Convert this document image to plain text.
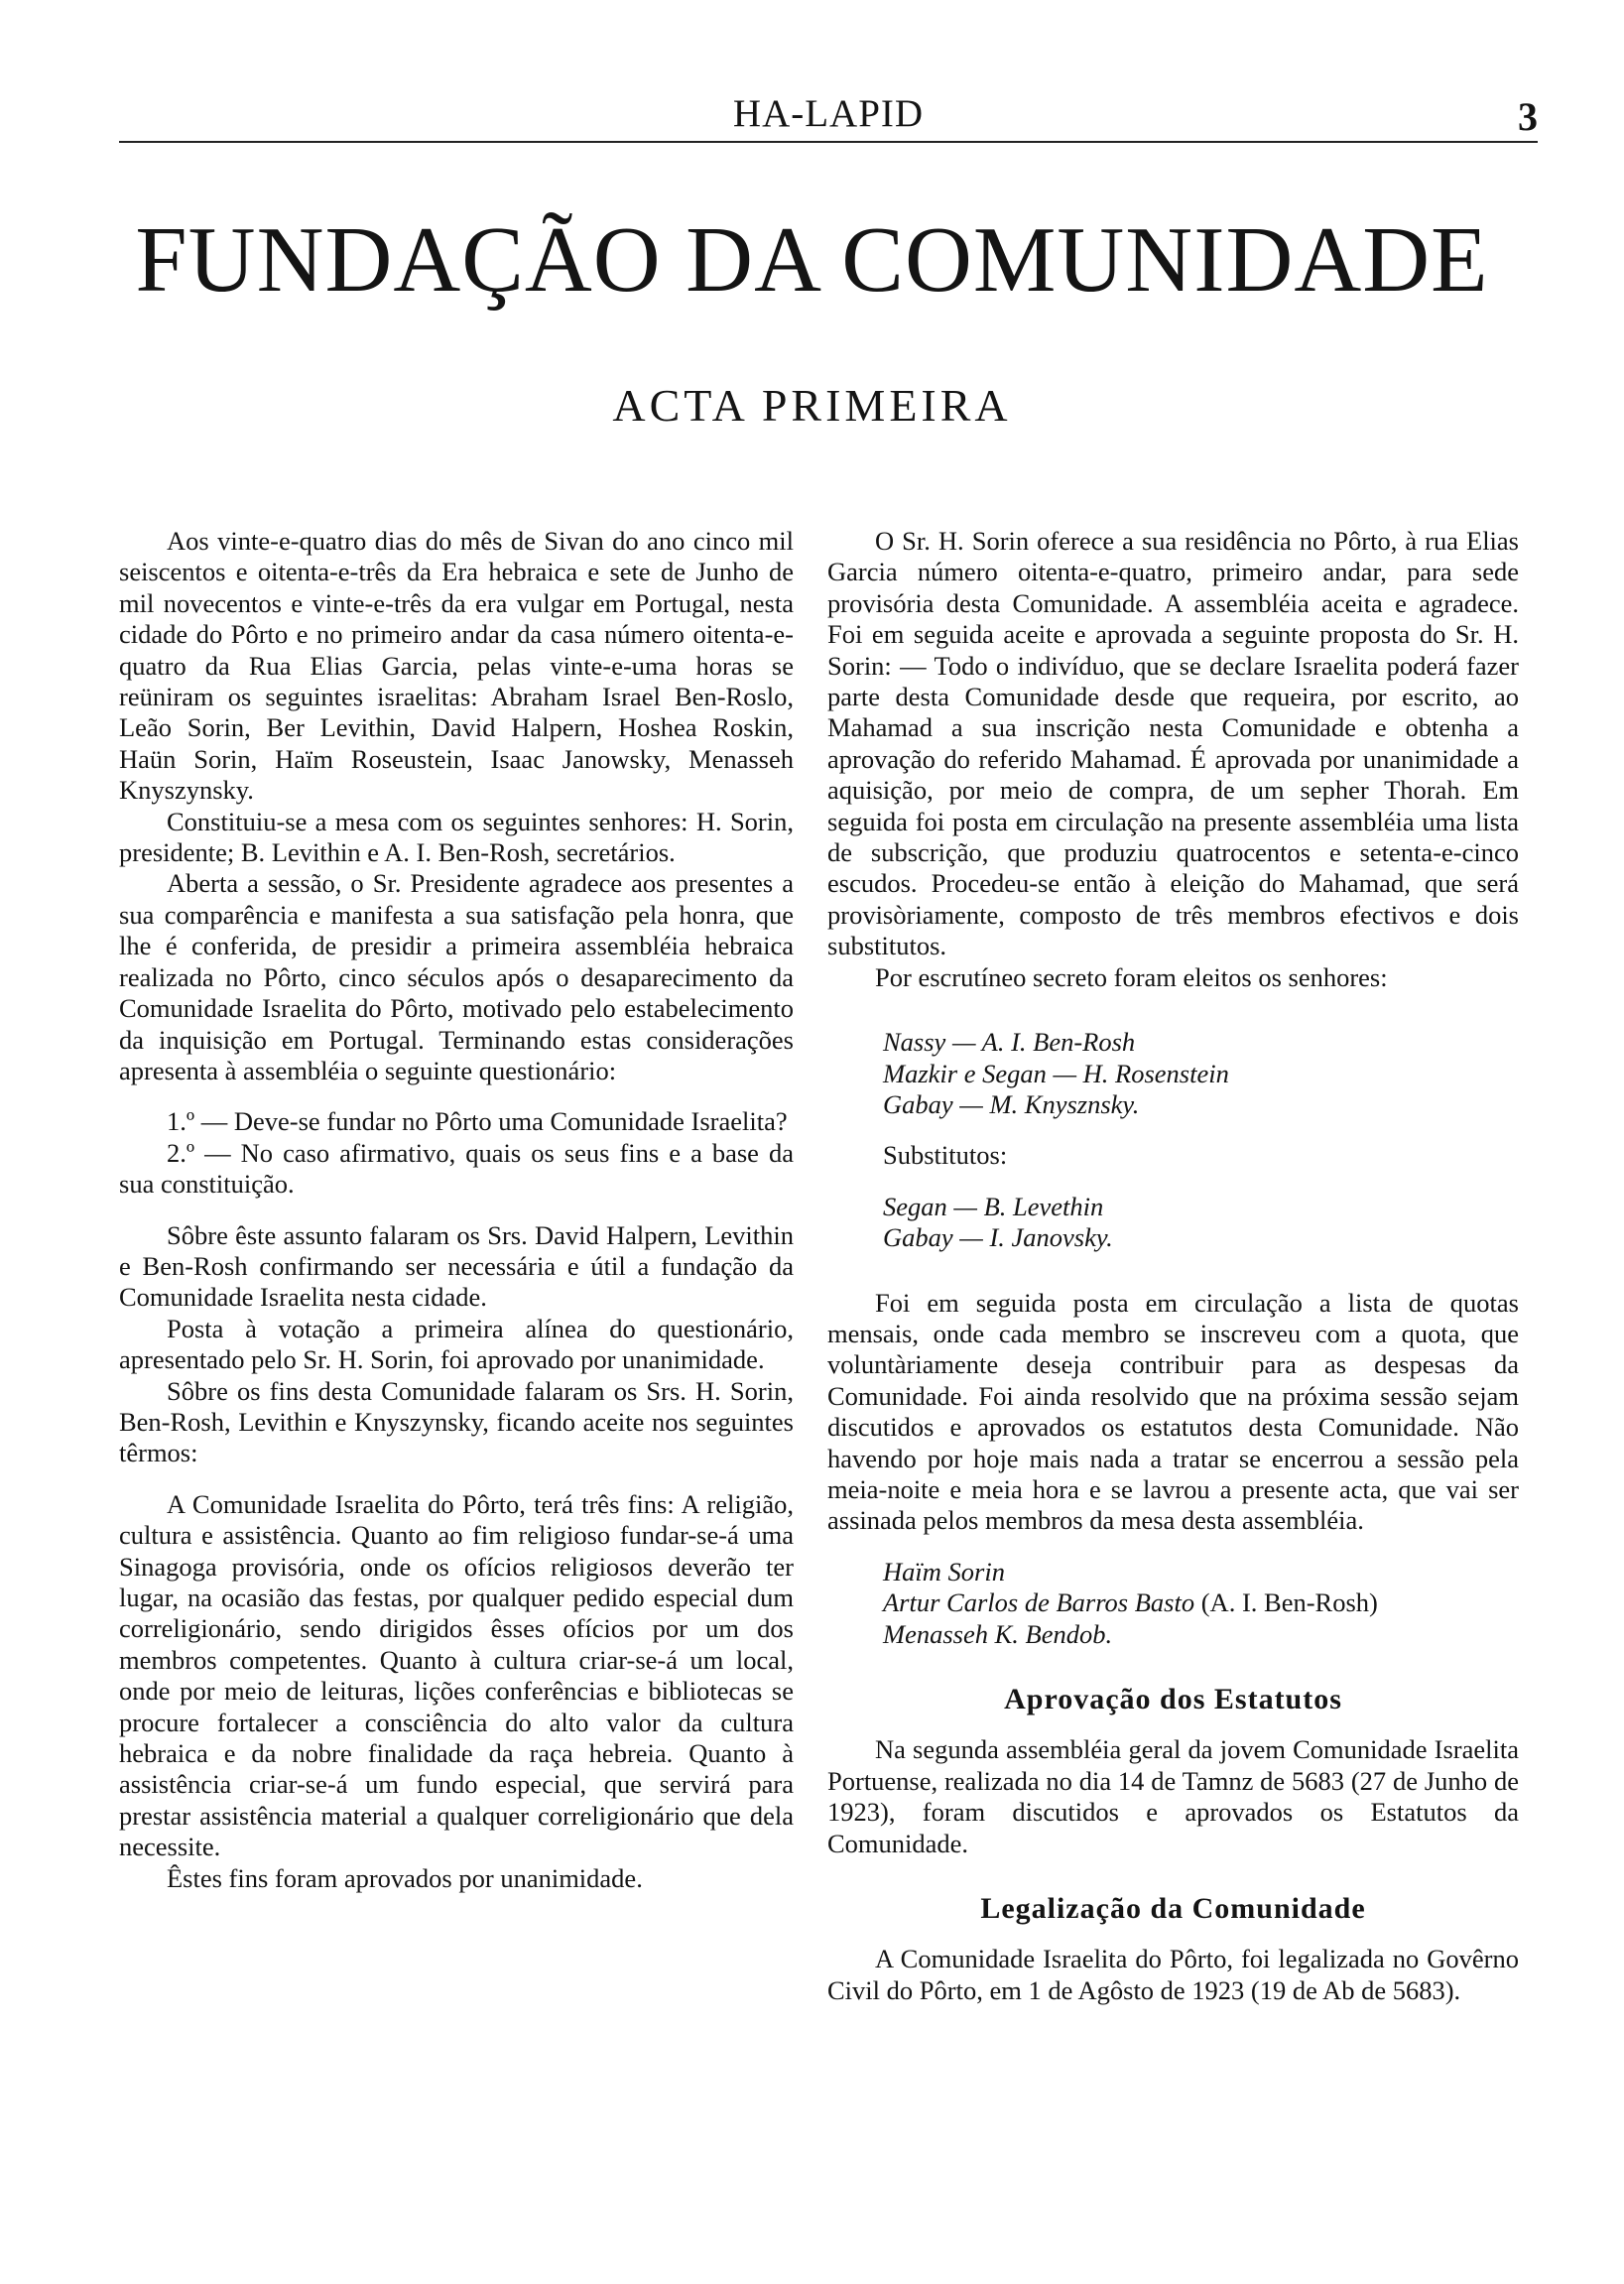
HA-LAPID	3
FUNDAÇÃO DA COMUNIDADE
ACTA PRIMEIRA

Aos vinte-e-quatro dias do mês de Sivan do ano cinco mil seiscentos e oitenta-e-três da Era hebraica e sete de Junho de mil novecentos e vinte-e-três da era vulgar em Portugal, nesta cidade do Pôrto e no primeiro andar da casa número oitenta-e-quatro da Rua Elias Garcia, pelas vinte-e-uma horas se reüniram os seguintes israelitas: Abraham Israel Ben-Roslo, Leão Sorin, Ber Levithin, David Halpern, Hoshea Roskin, Haün Sorin, Haïm Roseustein, Isaac Janowsky, Menasseh Knyszynsky.

Constituiu-se a mesa com os seguintes senhores: H. Sorin, presidente; B. Levithin e A. I. Ben-Rosh, secretários.

Aberta a sessão, o Sr. Presidente agradece aos presentes a sua comparência e manifesta a sua satisfação pela honra, que lhe é conferida, de presidir a primeira assembléia hebraica realizada no Pôrto, cinco séculos após o desaparecimento da Comunidade Israelita do Pôrto, motivado pelo estabelecimento da inquisição em Portugal. Terminando estas considerações apresenta à assembléia o seguinte questionário:

1.º — Deve-se fundar no Pôrto uma Comunidade Israelita?

2.º — No caso afirmativo, quais os seus fins e a base da sua constituição.

Sôbre êste assunto falaram os Srs. David Halpern, Levithin e Ben-Rosh confirmando ser necessária e útil a fundação da Comunidade Israelita nesta cidade.

Posta à votação a primeira alínea do questionário, apresentado pelo Sr. H. Sorin, foi aprovado por unanimidade.

Sôbre os fins desta Comunidade falaram os Srs. H. Sorin, Ben-Rosh, Levithin e Knyszynsky, ficando aceite nos seguintes têrmos:

A Comunidade Israelita do Pôrto, terá três fins: A religião, cultura e assistência. Quanto ao fim religioso fundar-se-á uma Sinagoga provisória, onde os ofícios religiosos deverão ter lugar, na ocasião das festas, por qualquer pedido especial dum correligionário, sendo dirigidos êsses ofícios por um dos membros competentes. Quanto à cultura criar-se-á um local, onde por meio de leituras, lições conferências e bibliotecas se procure fortalecer a consciência do alto valor da cultura hebraica e da nobre finalidade da raça hebreia. Quanto à assistência criar-se-á um fundo especial, que servirá para prestar assistência material a qualquer correligionário que dela necessite.

Êstes fins foram aprovados por unanimidade.

O Sr. H. Sorin oferece a sua residência no Pôrto, à rua Elias Garcia número oitenta-e-quatro, primeiro andar, para sede provisória desta Comunidade. A assembléia aceita e agradece. Foi em seguida aceite e aprovada a seguinte proposta do Sr. H. Sorin: — Todo o indivíduo, que se declare Israelita poderá fazer parte desta Comunidade desde que requeira, por escrito, ao Mahamad a sua inscrição nesta Comunidade e obtenha a aprovação do referido Mahamad. É aprovada por unanimidade a aquisição, por meio de compra, de um sepher Thorah. Em seguida foi posta em circulação na presente assembléia uma lista de subscrição, que produziu quatrocentos e setenta-e-cinco escudos. Procedeu-se então à eleição do Mahamad, que será provisòriamente, composto de três membros efectivos e dois substitutos.

Por escrutíneo secreto foram eleitos os senhores:

Nassy — A. I. Ben-Rosh
Mazkir e Segan — H. Rosenstein
Gabay — M. Knysznsky.
Substitutos:
Segan — B. Levethin
Gabay — I. Janovsky.

Foi em seguida posta em circulação a lista de quotas mensais, onde cada membro se inscreveu com a quota, que voluntàriamente deseja contribuir para as despesas da Comunidade. Foi ainda resolvido que na próxima sessão sejam discutidos e aprovados os estatutos desta Comunidade. Não havendo por hoje mais nada a tratar se encerrou a sessão pela meia-noite e meia hora e se lavrou a presente acta, que vai ser assinada pelos membros da mesa desta assembléia.

Haïm Sorin
Artur Carlos de Barros Basto (A. I. Ben-Rosh)
Menasseh K. Bendob.
Aprovação dos Estatutos

Na segunda assembléia geral da jovem Comunidade Israelita Portuense, realizada no dia 14 de Tamnz de 5683 (27 de Junho de 1923), foram discutidos e aprovados os Estatutos da Comunidade.

Legalização da Comunidade

A Comunidade Israelita do Pôrto, foi legalizada no Govêrno Civil do Pôrto, em 1 de Agôsto de 1923 (19 de Ab de 5683).
